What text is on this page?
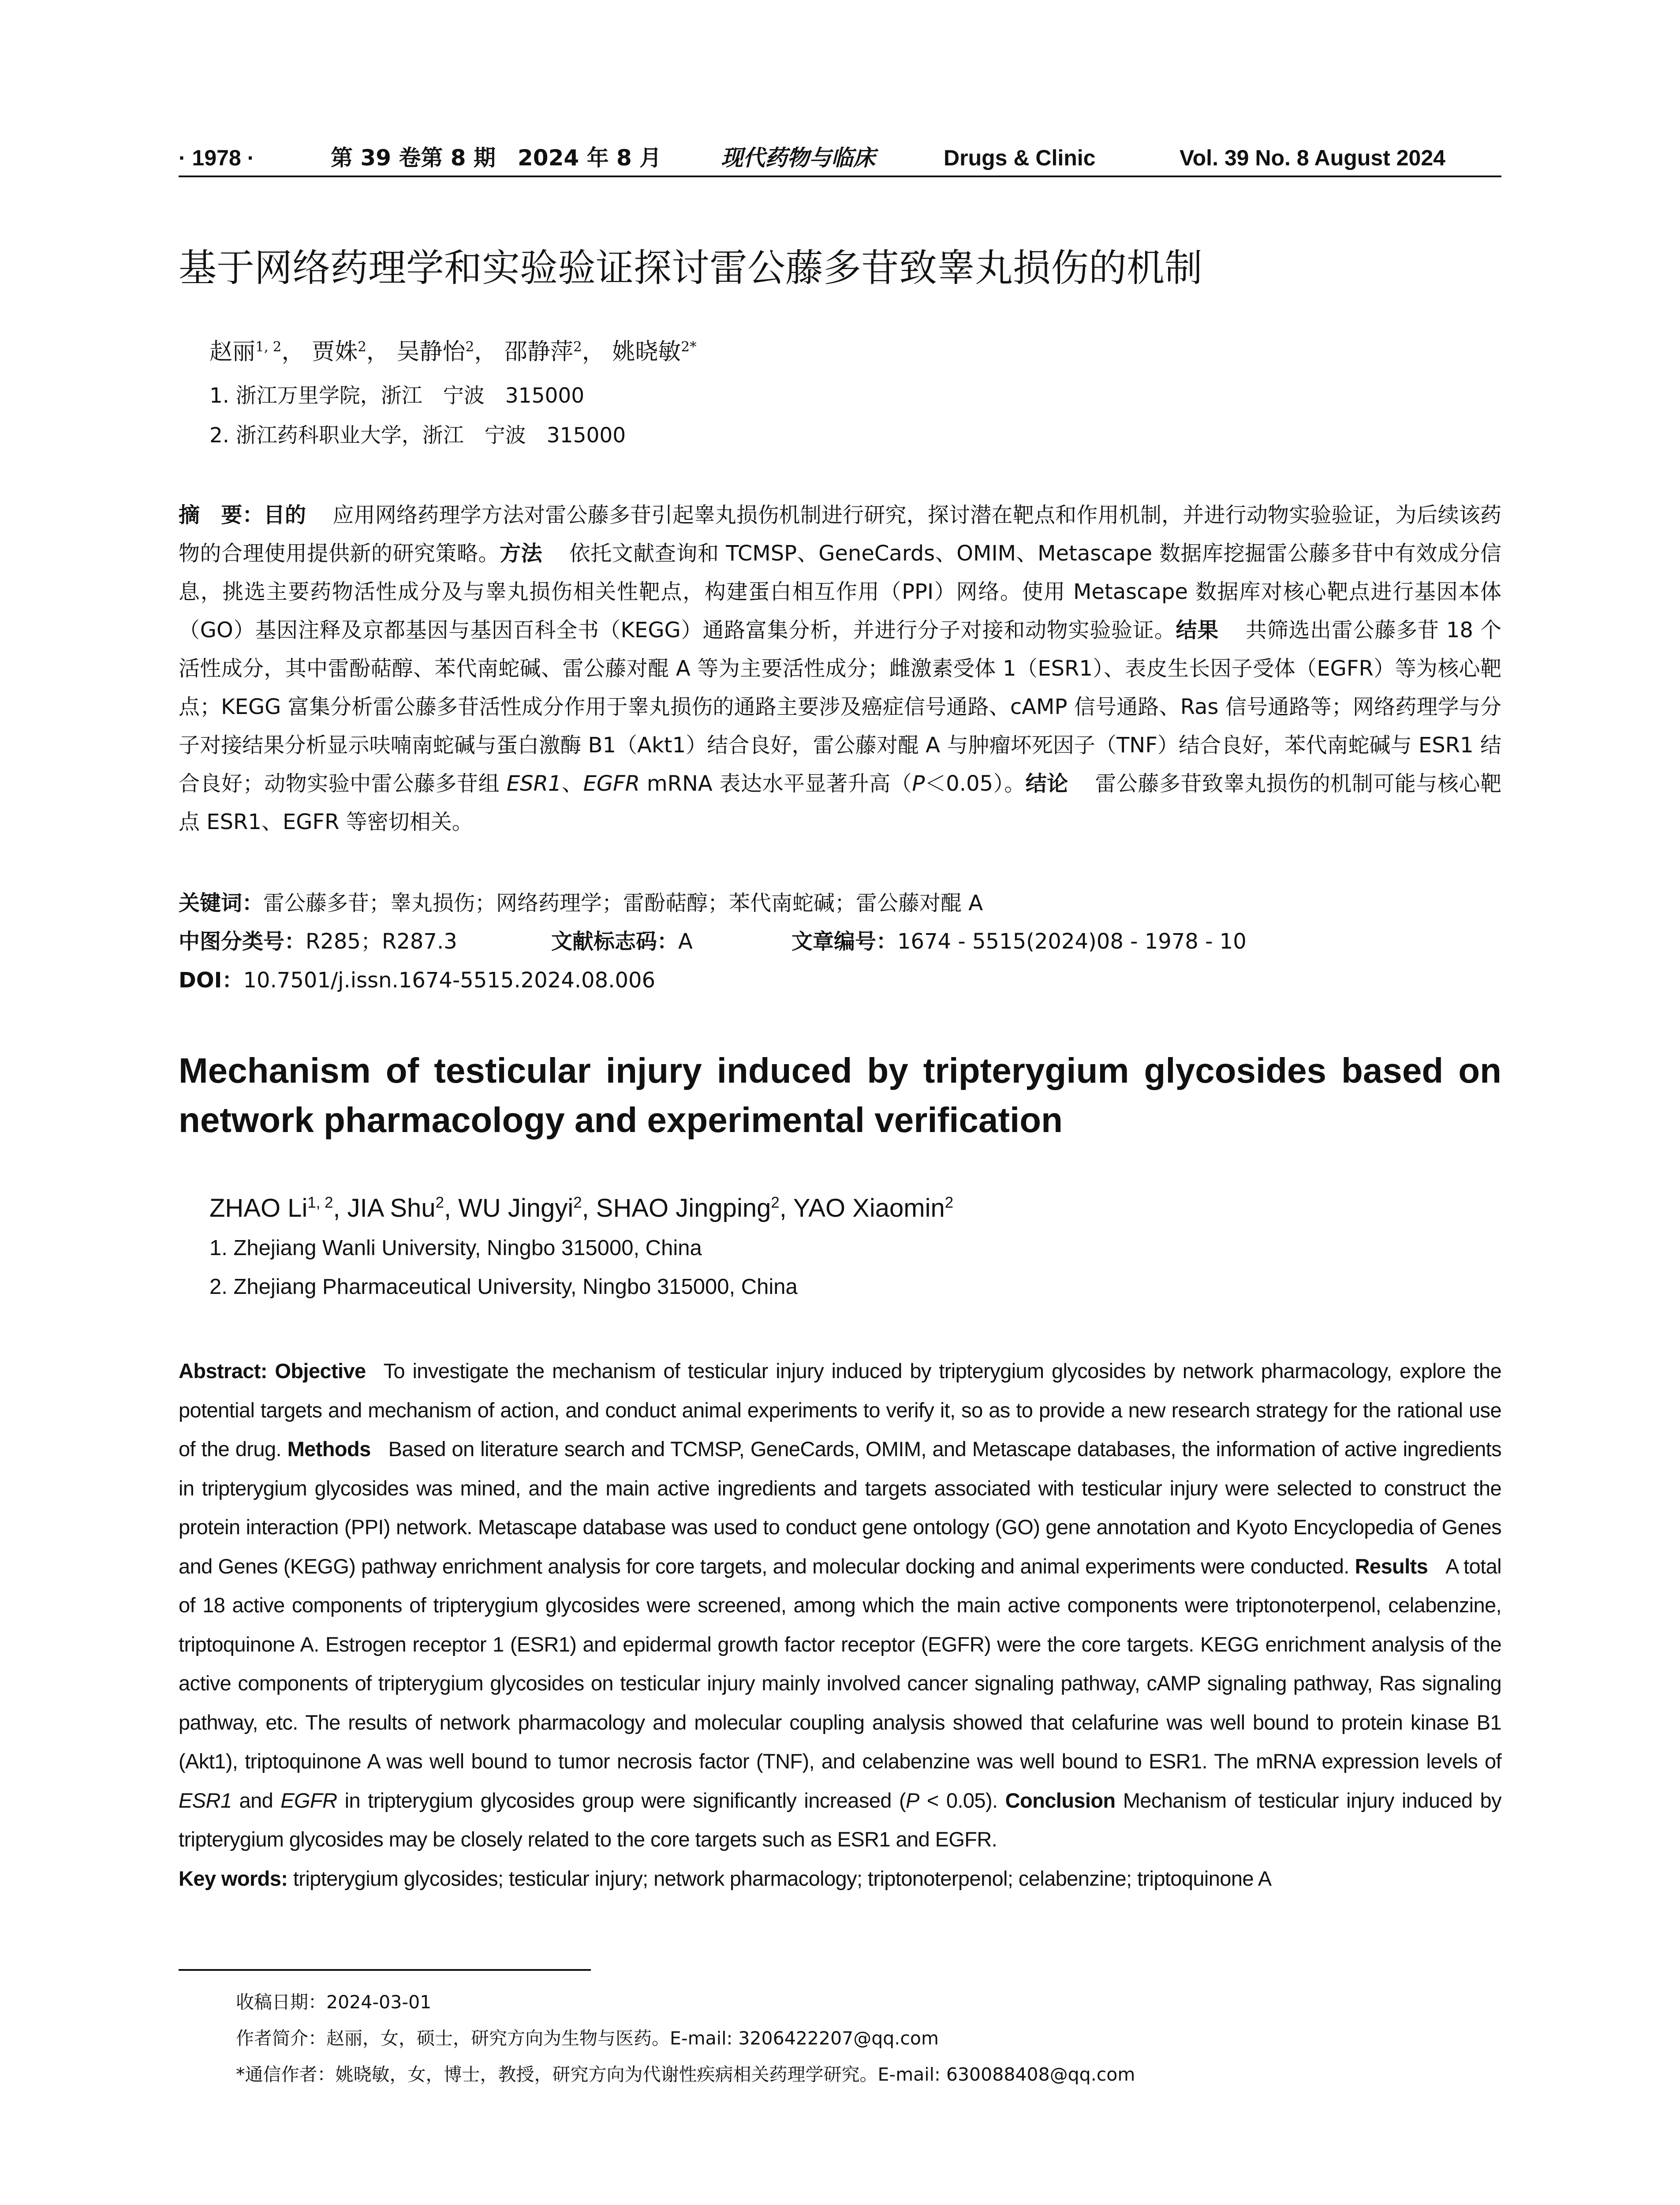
· 1978 ·	第 39 卷第 8 期　2024 年 8 月	现代药物与临床	Drugs & Clinic	Vol. 39 No. 8 August 2024
基于网络药理学和实验验证探讨雷公藤多苷致睾丸损伤的机制
赵丽$^{1, 2}$， 贾姝$^2$， 吴静怡$^2$， 邵静萍$^2$， 姚晓敏$^{2*}$
1. 浙江万里学院，浙江　宁波　315000
2. 浙江药科职业大学，浙江　宁波　315000
摘　要：目的 应用网络药理学方法对雷公藤多苷引起睾丸损伤机制进行研究，探讨潜在靶点和作用机制，并进行动物实验验证，为后续该药物的合理使用提供新的研究策略。方法 依托文献查询和 TCMSP、GeneCards、OMIM、Metascape 数据库挖掘雷公藤多苷中有效成分信息，挑选主要药物活性成分及与睾丸损伤相关性靶点，构建蛋白相互作用（PPI）网络。使用 Metascape 数据库对核心靶点进行基因本体（GO）基因注释及京都基因与基因百科全书（KEGG）通路富集分析，并进行分子对接和动物实验验证。结果 共筛选出雷公藤多苷 18 个活性成分，其中雷酚萜醇、苯代南蛇碱、雷公藤对醌 A 等为主要活性成分；雌激素受体 1（ESR1）、表皮生长因子受体（EGFR）等为核心靶点；KEGG 富集分析雷公藤多苷活性成分作用于睾丸损伤的通路主要涉及癌症信号通路、cAMP 信号通路、Ras 信号通路等；网络药理学与分子对接结果分析显示呋喃南蛇碱与蛋白激酶 B1（Akt1）结合良好，雷公藤对醌 A 与肿瘤坏死因子（TNF）结合良好，苯代南蛇碱与 ESR1 结合良好；动物实验中雷公藤多苷组 ESR1、EGFR mRNA 表达水平显著升高（P＜0.05）。结论 雷公藤多苷致睾丸损伤的机制可能与核心靶点 ESR1、EGFR 等密切相关。
关键词：雷公藤多苷；睾丸损伤；网络药理学；雷酚萜醇；苯代南蛇碱；雷公藤对醌 A
中图分类号：R285；R287.3	文献标志码：A	文章编号：1674 - 5515(2024)08 - 1978 - 10
DOI：10.7501/j.issn.1674-5515.2024.08.006
Mechanism of testicular injury induced by tripterygium glycosides based on network pharmacology and experimental verification
ZHAO Li$^{1, 2}$, JIA Shu$^2$, WU Jingyi$^2$, SHAO Jingping$^2$, YAO Xiaomin$^2$
1. Zhejiang Wanli University, Ningbo 315000, China
2. Zhejiang Pharmaceutical University, Ningbo 315000, China
Abstract: Objective To investigate the mechanism of testicular injury induced by tripterygium glycosides by network pharmacology, explore the potential targets and mechanism of action, and conduct animal experiments to verify it, so as to provide a new research strategy for the rational use of the drug. Methods Based on literature search and TCMSP, GeneCards, OMIM, and Metascape databases, the information of active ingredients in tripterygium glycosides was mined, and the main active ingredients and targets associated with testicular injury were selected to construct the protein interaction (PPI) network. Metascape database was used to conduct gene ontology (GO) gene annotation and Kyoto Encyclopedia of Genes and Genes (KEGG) pathway enrichment analysis for core targets, and molecular docking and animal experiments were conducted. Results A total of 18 active components of tripterygium glycosides were screened, among which the main active components were triptonoterpenol, celabenzine, triptoquinone A. Estrogen receptor 1 (ESR1) and epidermal growth factor receptor (EGFR) were the core targets. KEGG enrichment analysis of the active components of tripterygium glycosides on testicular injury mainly involved cancer signaling pathway, cAMP signaling pathway, Ras signaling pathway, etc. The results of network pharmacology and molecular coupling analysis showed that celafurine was well bound to protein kinase B1 (Akt1), triptoquinone A was well bound to tumor necrosis factor (TNF), and celabenzine was well bound to ESR1. The mRNA expression levels of ESR1 and EGFR in tripterygium glycosides group were significantly increased (P < 0.05). Conclusion Mechanism of testicular injury induced by tripterygium glycosides may be closely related to the core targets such as ESR1 and EGFR.
Key words: tripterygium glycosides; testicular injury; network pharmacology; triptonoterpenol; celabenzine; triptoquinone A
收稿日期：2024-03-01
作者简介：赵丽，女，硕士，研究方向为生物与医药。E-mail: 3206422207@qq.com
*通信作者：姚晓敏，女，博士，教授，研究方向为代谢性疾病相关药理学研究。E-mail: 630088408@qq.com
